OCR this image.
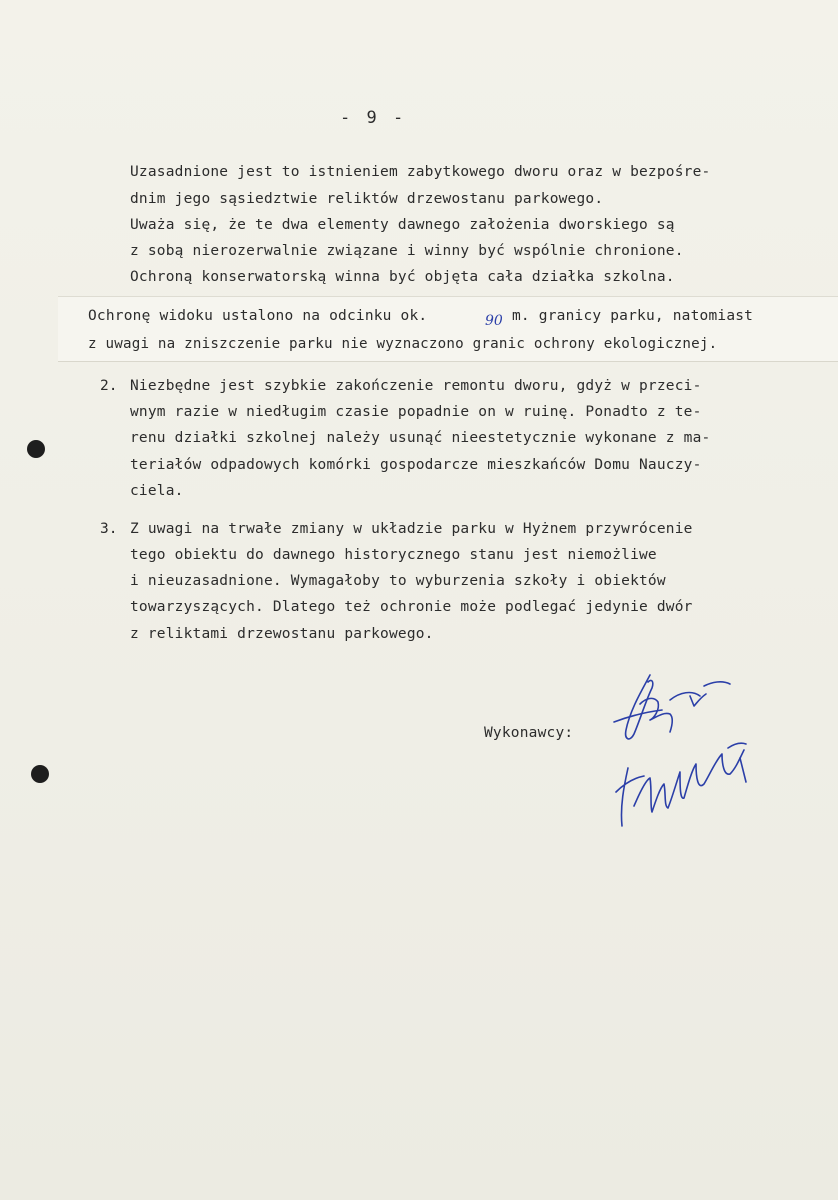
- 9 -
Uzasadnione jest to istnieniem zabytkowego dworu oraz w bezpośre-
dnim jego sąsiedztwie reliktów drzewostanu parkowego.
Uważa się, że te dwa elementy dawnego założenia dworskiego są
z sobą nierozerwalnie związane i winny być wspólnie chronione.
Ochroną konserwatorską winna być objęta cała działka szkolna.
Ochronę widoku ustalono na odcinku ok.	90 m. granicy parku, natomiast
z uwagi na zniszczenie parku nie wyznaczono granic ochrony ekologicznej.
2. Niezbędne jest szybkie zakończenie remontu dworu, gdyż w przeci-
wnym razie w niedługim czasie popadnie on w ruinę. Ponadto z te-
renu działki szkolnej należy usunąć nieestetycznie wykonane z ma-
teriałów odpadowych komórki gospodarcze mieszkańców Domu Nauczy-
ciela.
3. Z uwagi na trwałe zmiany w układzie parku w Hyżnem przywrócenie
tego obiektu do dawnego historycznego stanu jest niemożliwe
i nieuzasadnione. Wymagałoby to wyburzenia szkoły i obiektów
towarzyszących. Dlatego też ochronie może podlegać jedynie dwór
z reliktami drzewostanu parkowego.
Wykonawcy:
